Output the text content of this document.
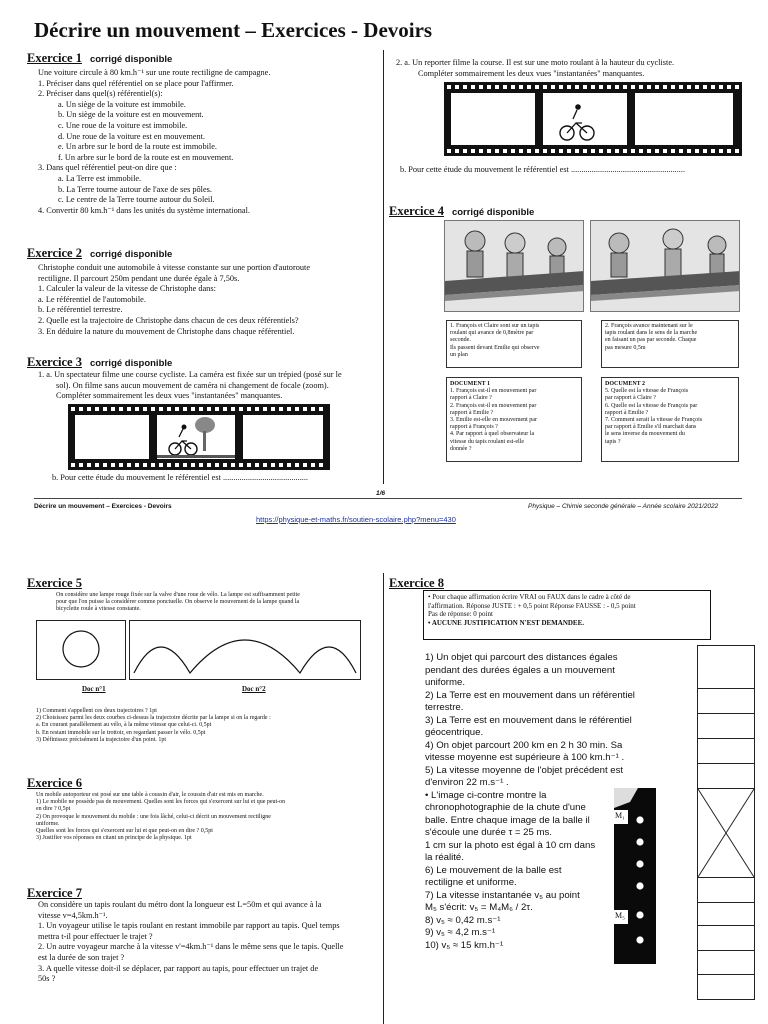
Décrire un mouvement – Exercices - Devoirs
Exercice 1 corrigé disponible
Une voiture circule à 80 km.h⁻¹ sur une route rectiligne de campagne.
1. Préciser dans quel référentiel on se place pour l'affirmer.
2. Préciser dans quel(s) référentiel(s):
a. Un siège de la voiture est immobile.
b. Un siège de la voiture est en mouvement.
c. Une roue de la voiture est immobile.
d. Une roue de la voiture est en mouvement.
e. Un arbre sur le bord de la route est immobile.
f. Un arbre sur le bord de la route est en mouvement.
3. Dans quel référentiel peut-on dire que :
a. La Terre est immobile.
b. La Terre tourne autour de l'axe de ses pôles.
c. Le centre de la Terre tourne autour du Soleil.
4. Convertir 80 km.h⁻¹ dans les unités du système international.
Exercice 2 corrigé disponible
Christophe conduit une automobile à vitesse constante sur une portion d'autoroute
rectiligne. Il parcourt 250m pendant une durée égale à 7,50s.
1. Calculer la valeur de la vitesse de Christophe dans:
a. Le référentiel de l'automobile.
b. Le référentiel terrestre.
2. Quelle est la trajectoire de Christophe dans chacun de ces deux référentiels?
3. En déduire la nature du mouvement de Christophe dans chaque référentiel.
Exercice 3 corrigé disponible
1. a. Un spectateur filme une course cycliste. La caméra est fixée sur un trépied (posé sur le
sol). On filme sans aucun mouvement de caméra ni changement de focale (zoom).
Compléter sommairement les deux vues "instantanées" manquantes.
b. Pour cette étude du mouvement le référentiel est .........................................
2. a. Un reporter filme la course. Il est sur une moto roulant à la hauteur du cycliste.
Compléter sommairement les deux vues "instantanées" manquantes.
b. Pour cette étude du mouvement le référentiel est .......................................................
Exercice 4 corrigé disponible
1. François et Claire sont sur un tapis
roulant qui avance de 0,8mètre par
seconde.
Ils passent devant Emilie qui observe
un plan
2. François avance maintenant sur le
tapis roulant dans le sens de la marche
en faisant un pas par seconde. Chaque
pas mesure 0,5m
DOCUMENT 1
1. François est-il en mouvement par
rapport à Claire ?
2. François est-il en mouvement par
rapport à Emilie ?
3. Emilie est-elle en mouvement par
rapport à François ?
4. Par rapport à quel observateur la
vitesse du tapis roulant est-elle
donnée ?
DOCUMENT 2
5. Quelle est la vitesse de François
par rapport à Claire ?
6. Quelle est la vitesse de François par
rapport à Emilie ?
7. Comment serait la vitesse de François
par rapport à Emilie s'il marchait dans
le sens inverse du mouvement du
tapis ?
1/6
Décrire un mouvement – Exercices - Devoirs	Physique – Chimie seconde générale – Année scolaire 2021/2022
https://physique-et-maths.fr/soutien-scolaire.php?menu=430
Exercice 5
On considère une lampe rouge fixée sur la valve d'une roue de vélo. La lampe est suffisamment petite
pour que l'on puisse la considérer comme ponctuelle. On observe le mouvement de la lampe quand la
bicyclette roule à vitesse constante.
Doc n°1	Doc n°2
1) Comment s'appellent ces deux trajectoires ? 1pt
2) Choisissez parmi les deux courbes ci-dessus la trajectoire décrite par la lampe si on la regarde :
a. En courant parallèlement au vélo, à la même vitesse que celui-ci. 0,5pt
b. En restant immobile sur le trottoir, en regardant passer le vélo. 0,5pt
3) Définissez précisément la trajectoire d'un point. 1pt
Exercice 6
Un mobile autoporteur est posé sur une table à coussin d'air, le coussin d'air est mis en marche.
1) Le mobile ne possède pas de mouvement. Quelles sont les forces qui s'exercent sur lui et que peut-on
en dire ? 0,5pt
2) On provoque le mouvement du mobile : une fois lâché, celui-ci décrit un mouvement rectiligne
uniforme.
Quelles sont les forces qui s'exercent sur lui et que peut-on en dire ? 0,5pt
3) Justifier vos réponses en citant un principe de la physique. 1pt
Exercice 7
On considère un tapis roulant du métro dont la longueur est L=50m et qui avance à la
vitesse v=4,5km.h⁻¹.
1. Un voyageur utilise le tapis roulant en restant immobile par rapport au tapis. Quel temps
mettra t-il pour effectuer le trajet ?
2. Un autre voyageur marche à la vitesse v'=4km.h⁻¹ dans le même sens que le tapis. Quelle
est la durée de son trajet ?
3. A quelle vitesse doit-il se déplacer, par rapport au tapis, pour effectuer un trajet de
50s ?
Exercice 8
• Pour chaque affirmation écrire VRAI ou FAUX dans le cadre à côté de
l'affirmation. Réponse JUSTE : + 0,5 point Réponse FAUSSE : - 0,5 point
Pas de réponse: 0 point
• AUCUNE JUSTIFICATION N'EST DEMANDEE.
1) Un objet qui parcourt des distances égales
pendant des durées égales a un mouvement
uniforme.
2) La Terre est en mouvement dans un référentiel
terrestre.
3) La Terre est en mouvement dans le référentiel
géocentrique.
4) On objet parcourt 200 km en 2 h 30 min. Sa
vitesse moyenne est supérieure à 100 km.h⁻¹ .
5) La vitesse moyenne de l'objet précédent est
d'environ 22 m.s⁻¹ .
• L'image ci-contre montre la
chronophotographie de la chute d'une
balle. Entre chaque image de la balle il
s'écoule une durée τ = 25 ms.
1 cm sur la photo est égal à 10 cm dans
la réalité.
6) Le mouvement de la balle est
rectiligne et uniforme.
7) La vitesse instantanée v₅ au point
M₅ s'écrit: v₅ = M₄M₆ / 2τ.
8) v₅ ≈ 0,42 m.s⁻¹
9) v₅ ≈ 4,2 m.s⁻¹
10) v₅ ≈ 15 km.h⁻¹
M₁
M₅
